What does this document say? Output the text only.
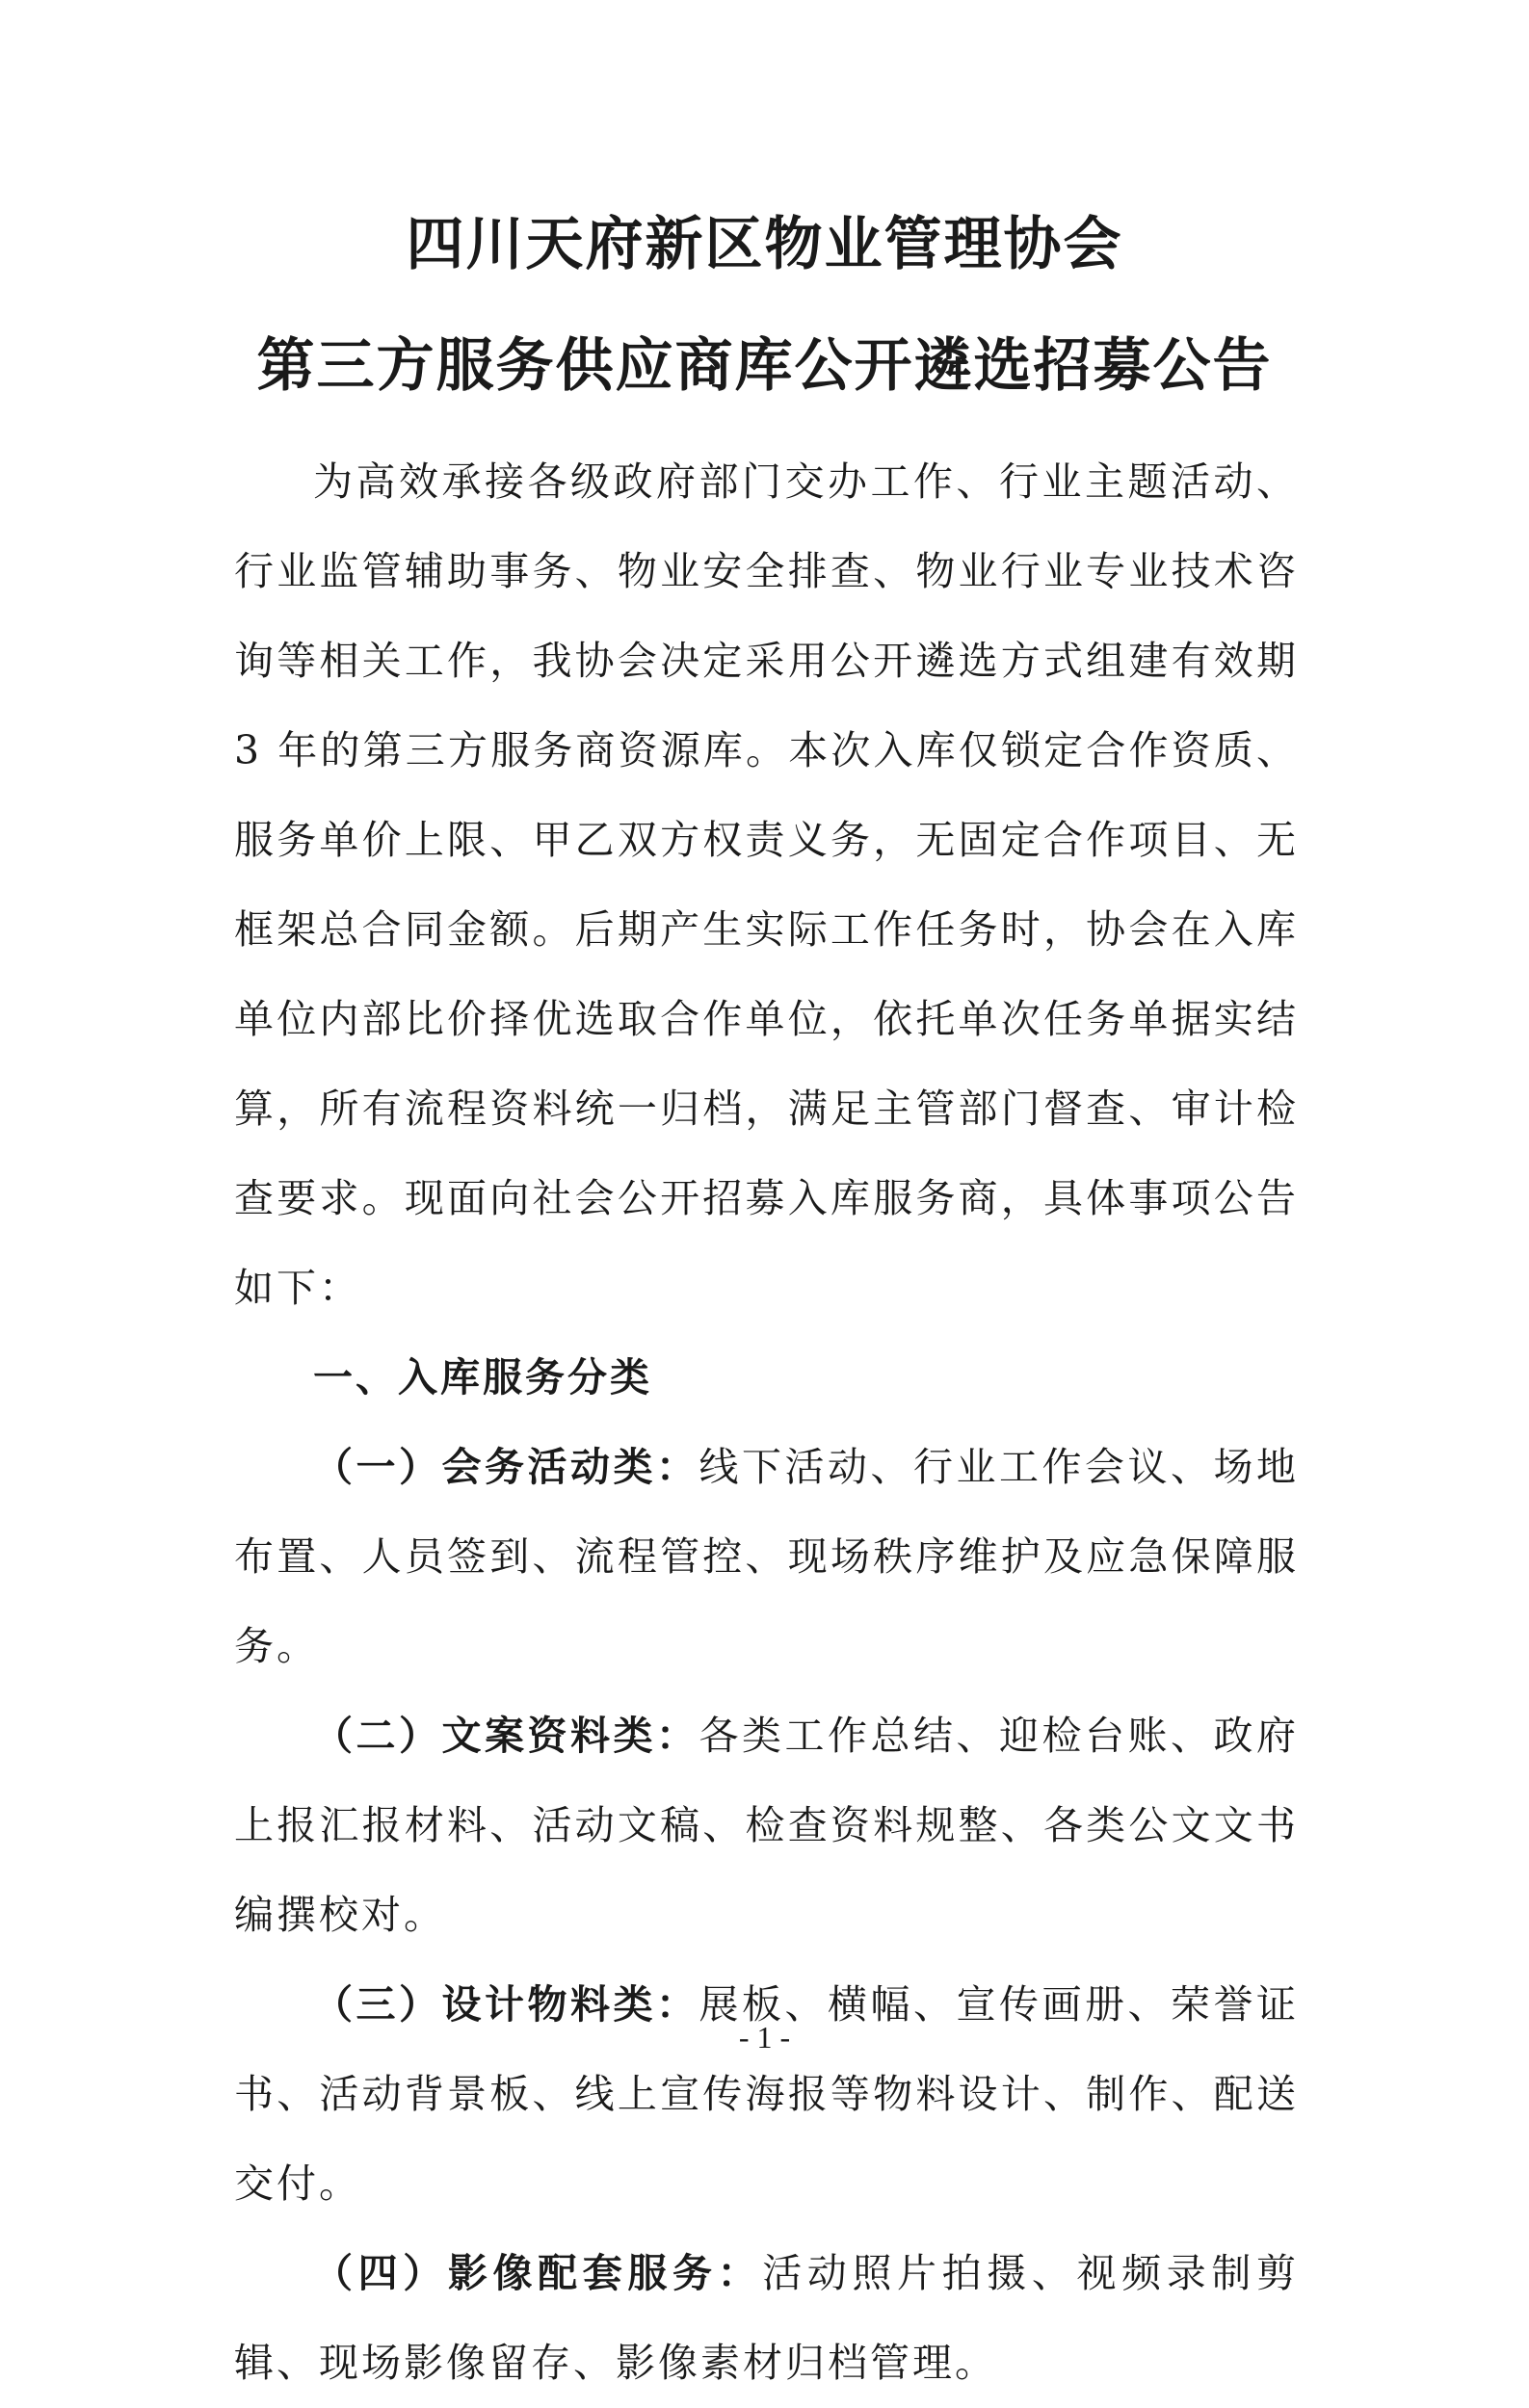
四川天府新区物业管理协会
第三方服务供应商库公开遴选招募公告

为高效承接各级政府部门交办工作、行业主题活动、行业监管辅助事务、物业安全排查、物业行业专业技术咨询等相关工作，我协会决定采用公开遴选方式组建有效期 3 年的第三方服务商资源库。本次入库仅锁定合作资质、服务单价上限、甲乙双方权责义务，无固定合作项目、无框架总合同金额。后期产生实际工作任务时，协会在入库单位内部比价择优选取合作单位，依托单次任务单据实结算，所有流程资料统一归档，满足主管部门督查、审计检查要求。现面向社会公开招募入库服务商，具体事项公告如下：

一、入库服务分类

（一）会务活动类：线下活动、行业工作会议、场地布置、人员签到、流程管控、现场秩序维护及应急保障服务。

（二）文案资料类：各类工作总结、迎检台账、政府上报汇报材料、活动文稿、检查资料规整、各类公文文书编撰校对。

（三）设计物料类：展板、横幅、宣传画册、荣誉证书、活动背景板、线上宣传海报等物料设计、制作、配送交付。

（四）影像配套服务：活动照片拍摄、视频录制剪辑、现场影像留存、影像素材归档管理。

- 1 -
